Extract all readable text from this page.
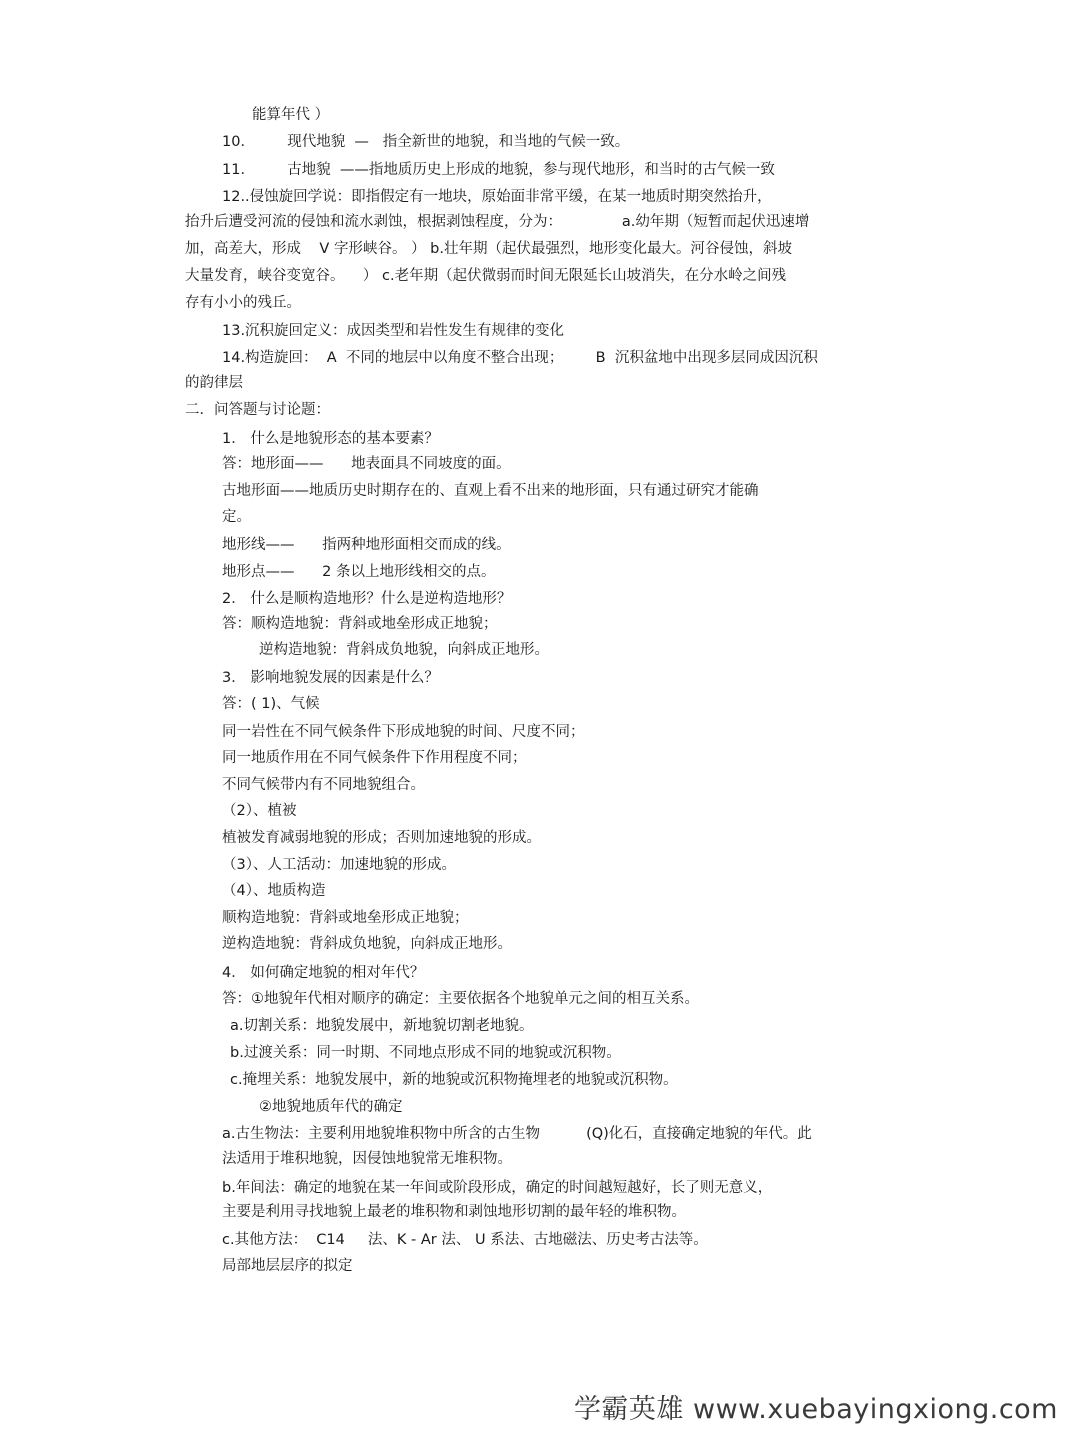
能算年代 ）
10．       现代地貌  —   指全新世的地貌，和当地的气候一致。
11．       古地貌  ——指地质历史上形成的地貌，参与现代地形，和当时的古气候一致
12..侵蚀旋回学说：即指假定有一地块，原始面非常平缓，在某一地质时期突然抬升，
抬升后遭受河流的侵蚀和流水剥蚀，根据剥蚀程度，分为：             a.幼年期（短暂而起伏迅速增
加，高差大，形成    V 字形峡谷。 ） b.壮年期（起伏最强烈，地形变化最大。河谷侵蚀，斜坡
大量发育，峡谷变宽谷。    ） c.老年期（起伏微弱而时间无限延长山坡消失，在分水岭之间残
存有小小的残丘。
13.沉积旋回定义：成因类型和岩性发生有规律的变化
14.构造旋回：  A  不同的地层中以角度不整合出现；       B  沉积盆地中出现多层同成因沉积
的韵律层
二．问答题与讨论题：
1． 什么是地貌形态的基本要素？
答：地形面——      地表面具不同坡度的面。
古地形面——地质历史时期存在的、直观上看不出来的地形面，只有通过研究才能确
定。
地形线——      指两种地形面相交而成的线。
地形点——      2 条以上地形线相交的点。
2． 什么是顺构造地形？什么是逆构造地形？
答：顺构造地貌：背斜或地垒形成正地貌；
逆构造地貌：背斜成负地貌，向斜成正地形。
3． 影响地貌发展的因素是什么？
答：( 1)、气候
同一岩性在不同气候条件下形成地貌的时间、尺度不同；
同一地质作用在不同气候条件下作用程度不同；
不同气候带内有不同地貌组合。
（2）、植被
植被发育减弱地貌的形成；否则加速地貌的形成。
（3）、人工活动：加速地貌的形成。
（4）、地质构造
顺构造地貌：背斜或地垒形成正地貌；
逆构造地貌：背斜成负地貌，向斜成正地形。
4． 如何确定地貌的相对年代？
答：①地貌年代相对顺序的确定：主要依据各个地貌单元之间的相互关系。
a.切割关系：地貌发展中，新地貌切割老地貌。
b.过渡关系：同一时期、不同地点形成不同的地貌或沉积物。
c.掩埋关系：地貌发展中，新的地貌或沉积物掩埋老的地貌或沉积物。
②地貌地质年代的确定
a.古生物法：主要利用地貌堆积物中所含的古生物          (Q)化石，直接确定地貌的年代。此
法适用于堆积地貌，因侵蚀地貌常无堆积物。
b.年间法：确定的地貌在某一年间或阶段形成，确定的时间越短越好，长了则无意义，
主要是利用寻找地貌上最老的堆积物和剥蚀地形切割的最年轻的堆积物。
c.其他方法：  C14     法、K - Ar 法、 U 系法、古地磁法、历史考古法等。
局部地层层序的拟定
学霸英雄 www.xuebayingxiong.com
